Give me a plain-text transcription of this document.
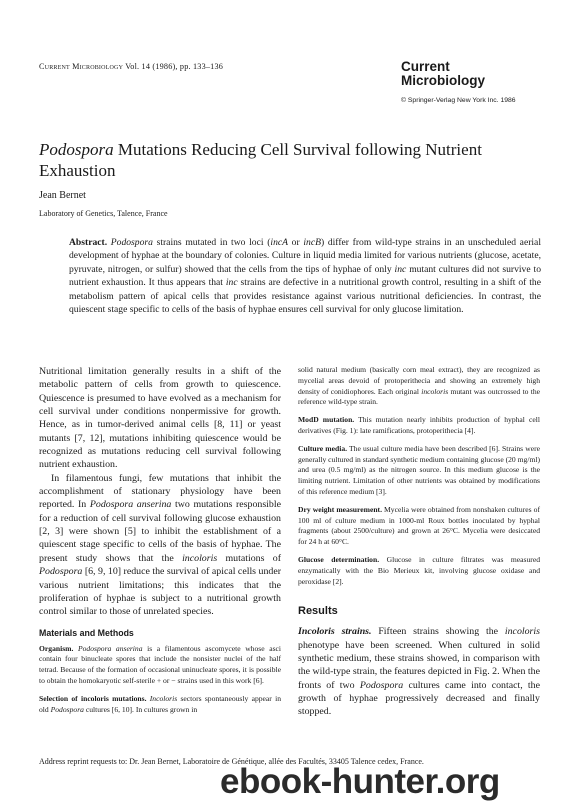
Current Microbiology Vol. 14 (1986), pp. 133–136	Current
Microbiology
© Springer-Verlag New York Inc. 1986
Podospora Mutations Reducing Cell Survival following Nutrient Exhaustion
Jean Bernet
Laboratory of Genetics, Talence, France
Abstract. Podospora strains mutated in two loci (incA or incB) differ from wild-type strains in an unscheduled aerial development of hyphae at the boundary of colonies. Culture in liquid media limited for various nutrients (glucose, acetate, pyruvate, nitrogen, or sulfur) showed that the cells from the tips of hyphae of only inc mutant cultures did not survive to nutrient exhaustion. It thus appears that inc strains are defective in a nutritional growth control, resulting in a shift of the metabolism pattern of apical cells that provides resistance against various nutritional deficiencies. In contrast, the quiescent stage specific to cells of the basis of hyphae ensures cell survival for only glucose limitation.

Nutritional limitation generally results in a shift of the metabolic pattern of cells from growth to quiescence. Quiescence is presumed to have evolved as a mechanism for cell survival under conditions nonpermissive for growth. Hence, as in tumor-derived animal cells [8, 11] or yeast mutants [7, 12], mutations inhibiting quiescence would be recognized as mutations reducing cell survival following nutrient exhaustion.

In filamentous fungi, few mutations that inhibit the accomplishment of stationary physiology have been reported. In Podospora anserina two mutations responsible for a reduction of cell survival following glucose exhaustion [2, 3] were shown [5] to inhibit the establishment of a quiescent stage specific to cells of the basis of hyphae. The present study shows that the incoloris mutations of Podospora [6, 9, 10] reduce the survival of apical cells under various nutrient limitations; this indicates that the proliferation of hyphae is subject to a nutritional growth control similar to those of unrelated species.

Materials and Methods

Organism. Podospora anserina is a filamentous ascomycete whose asci contain four binucleate spores that include the nonsister nuclei of the half tetrad. Because of the formation of occasional uninucleate spores, it is possible to obtain the homokaryotic self-sterile + or − strains used in this work [6].

Selection of incoloris mutations. Incoloris sectors spontaneously appear in old Podospora cultures [6, 10]. In cultures grown in

solid natural medium (basically corn meal extract), they are recognized as mycelial areas devoid of protoperithecia and showing an extremely high density of conidiophores. Each original incoloris mutant was outcrossed to the reference wild-type strain.

ModD mutation. This mutation nearly inhibits production of hyphal cell derivatives (Fig. 1): late ramifications, protoperithecia [4].

Culture media. The usual culture media have been described [6]. Strains were generally cultured in standard synthetic medium containing glucose (20 mg/ml) and urea (0.5 mg/ml) as the nitrogen source. In this medium glucose is the limiting nutrient. Limitation of other nutrients was obtained by modifications of this reference medium [3].

Dry weight measurement. Mycelia were obtained from nonshaken cultures of 100 ml of culture medium in 1000-ml Roux bottles inoculated by hyphal fragments (about 2500/culture) and grown at 26°C. Mycelia were desiccated for 24 h at 60°C.

Glucose determination. Glucose in culture filtrates was measured enzymatically with the Bio Merieux kit, involving glucose oxidase and peroxidase [2].

Results

Incoloris strains. Fifteen strains showing the incoloris phenotype have been screened. When cultured in solid synthetic medium, these strains showed, in comparison with the wild-type strain, the features depicted in Fig. 2. When the fronts of two Podospora cultures came into contact, the growth of hyphae progressively decreased and finally stopped.

Address reprint requests to: Dr. Jean Bernet, Laboratoire de Génétique, allée des Facultés, 33405 Talence cedex, France.
ebook-hunter.org
